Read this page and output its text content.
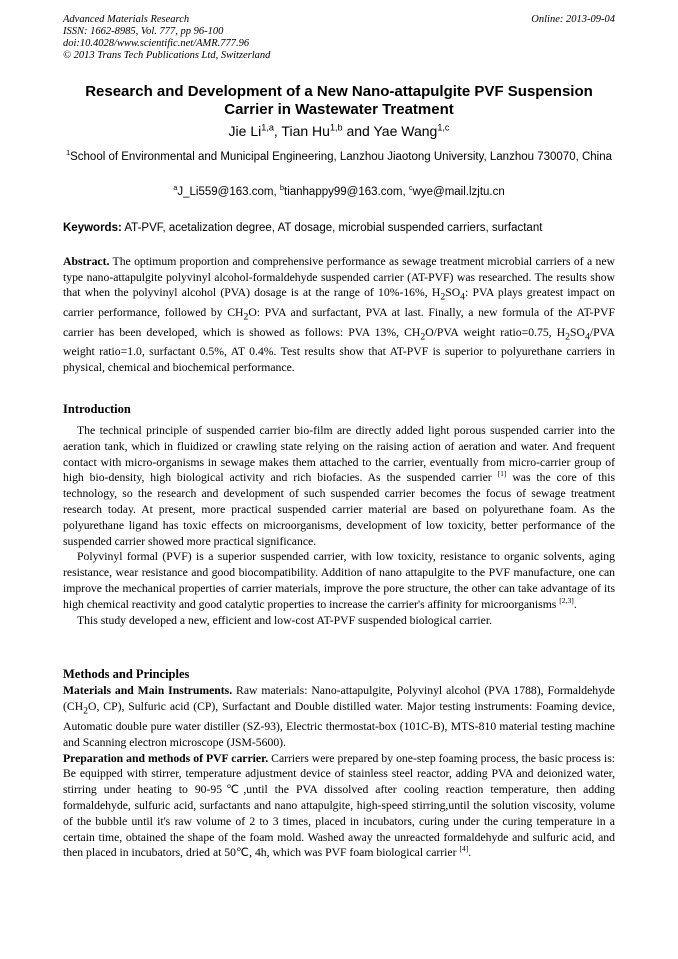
Advanced Materials Research
ISSN: 1662-8985, Vol. 777, pp 96-100
doi:10.4028/www.scientific.net/AMR.777.96
© 2013 Trans Tech Publications Ltd, Switzerland
Online: 2013-09-04
Research and Development of a New Nano-attapulgite PVF Suspension
Carrier in Wastewater Treatment
Jie Li$^{1,a}$, Tian Hu$^{1,b}$ and Yae Wang$^{1,c}$
$^1$School of Environmental and Municipal Engineering, Lanzhou Jiaotong University, Lanzhou 730070, China
$^a$J_Li559@163.com, $^b$tianhappy99@163.com, $^c$wye@mail.lzjtu.cn
Keywords: AT-PVF, acetalization degree, AT dosage, microbial suspended carriers, surfactant
Abstract. The optimum proportion and comprehensive performance as sewage treatment microbial carriers of a new type nano-attapulgite polyvinyl alcohol-formaldehyde suspended carrier (AT-PVF) was researched. The results show that when the polyvinyl alcohol (PVA) dosage is at the range of 10%-16%, $H_2SO_4$: PVA plays greatest impact on carrier performance, followed by $CH_2O$: PVA and surfactant, PVA at last. Finally, a new formula of the AT-PVF carrier has been developed, which is showed as follows: PVA 13%, $CH_2O$/PVA weight ratio=0.75, $H_2SO_4$/PVA weight ratio=1.0, surfactant 0.5%, AT 0.4%. Test results show that AT-PVF is superior to polyurethane carriers in physical, chemical and biochemical performance.
Introduction

The technical principle of suspended carrier bio-film are directly added light porous suspended carrier into the aeration tank, which in fluidized or crawling state relying on the raising action of aeration and water. And frequent contact with micro-organisms in sewage makes them attached to the carrier, eventually from micro-carrier group of high bio-density, high biological activity and rich biofacies. As the suspended carrier [1] was the core of this technology, so the research and development of such suspended carrier becomes the focus of sewage treatment research today. At present, more practical suspended carrier material are based on polyurethane foam. As the polyurethane ligand has toxic effects on microorganisms, development of low toxicity, better performance of the suspended carrier showed more practical significance.

Polyvinyl formal (PVF) is a superior suspended carrier, with low toxicity, resistance to organic solvents, aging resistance, wear resistance and good biocompatibility. Addition of nano attapulgite to the PVF manufacture, one can improve the mechanical properties of carrier materials, improve the pore structure, the other can take advantage of its high chemical reactivity and good catalytic properties to increase the carrier's affinity for microorganisms [2,3].

This study developed a new, efficient and low-cost AT-PVF suspended biological carrier.

Methods and Principles

Materials and Main Instruments. Raw materials: Nano-attapulgite, Polyvinyl alcohol (PVA 1788), Formaldehyde ($CH_2O$, CP), Sulfuric acid (CP), Surfactant and Double distilled water. Major testing instruments: Foaming device, Automatic double pure water distiller (SZ-93), Electric thermostat-box (101C-B), MTS-810 material testing machine and Scanning electron microscope (JSM-5600).

Preparation and methods of PVF carrier. Carriers were prepared by one-step foaming process, the basic process is: Be equipped with stirrer, temperature adjustment device of stainless steel reactor, adding PVA and deionized water, stirring under heating to 90-95℃,until the PVA dissolved after cooling reaction temperature, then adding formaldehyde, sulfuric acid, surfactants and nano attapulgite, high-speed stirring,until the solution viscosity, volume of the bubble until it's raw volume of 2 to 3 times, placed in incubators, curing under the curing temperature in a certain time, obtained the shape of the foam mold. Washed away the unreacted formaldehyde and sulfuric acid, and then placed in incubators, dried at 50℃, 4h, which was PVF foam biological carrier [4].
